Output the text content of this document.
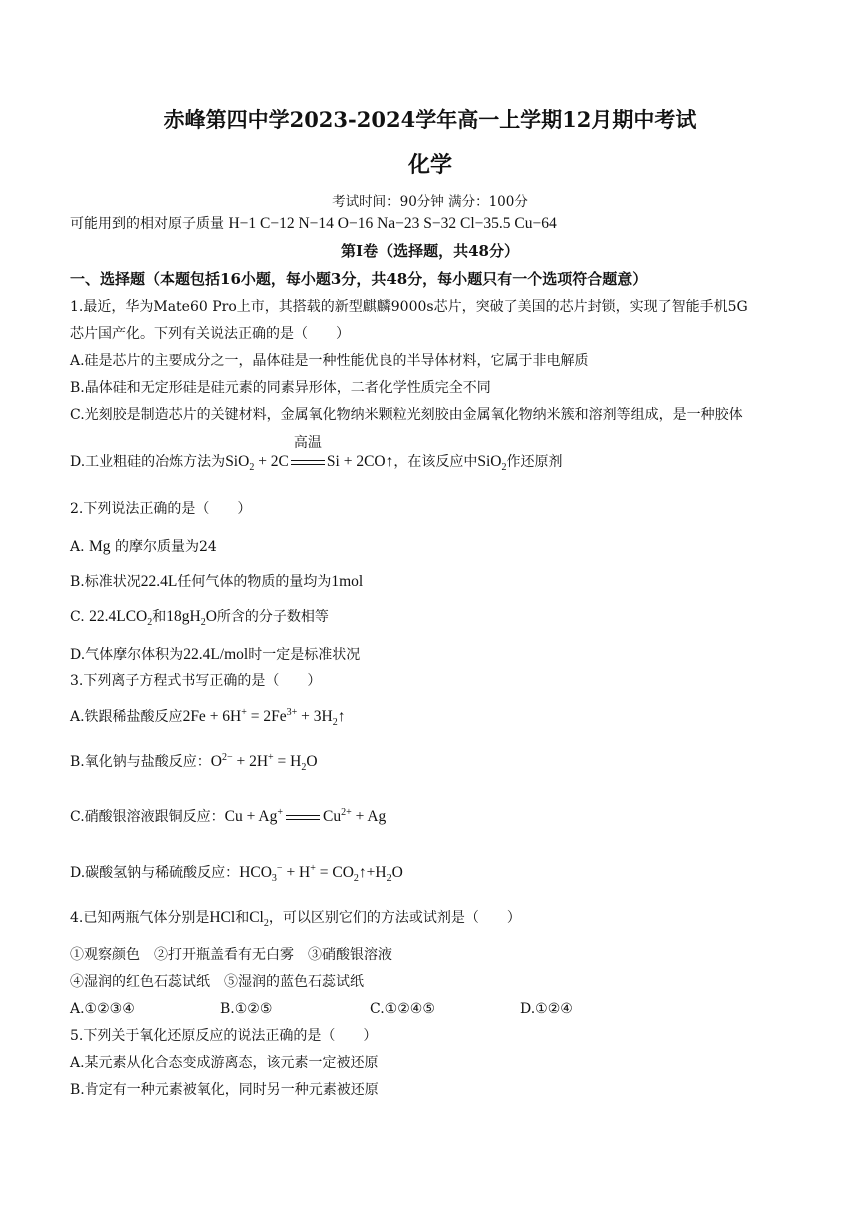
赤峰第四中学2023-2024学年高一上学期12月期中考试
化学
考试时间：90分钟 满分：100分
可能用到的相对原子质量 H−1 C−12 N−14 O−16 Na−23 S−32 Cl−35.5 Cu−64
第Ⅰ卷（选择题，共48分）
一、选择题（本题包括16小题，每小题3分，共48分，每小题只有一个选项符合题意）
1.最近，华为Mate60 Pro上市，其搭载的新型麒麟9000s芯片，突破了美国的芯片封锁，实现了智能手机5G
芯片国产化。下列有关说法正确的是（　　）
A.硅是芯片的主要成分之一，晶体硅是一种性能优良的半导体材料，它属于非电解质
B.晶体硅和无定形硅是硅元素的同素异形体，二者化学性质完全不同
C.光刻胶是制造芯片的关键材料，金属氧化物纳米颗粒光刻胶由金属氧化物纳米簇和溶剂等组成，是一种胶体
D.工业粗硅的冶炼方法为SiO$_2$ + 2C
高温
Si + 2CO↑，在该反应中SiO$_2$作还原剂
2.下列说法正确的是（　　）
A. Mg 的摩尔质量为24
B.标准状况22.4L任何气体的物质的量均为1mol
C. $22.4LCO_2$和$18gH_2O$所含的分子数相等
D.气体摩尔体积为22.4L/mol时一定是标准状况
3.下列离子方程式书写正确的是（　　）
A.铁跟稀盐酸反应$2Fe + 6H^+ = 2Fe^{3+}$ + $3H_2↑$
B.氧化钠与盐酸反应：$O^{2-} + 2H^+ = H_2O$
C.硝酸银溶液跟铜反应：Cu + Ag+	$Cu^{2+} + Ag$
D.碳酸氢钠与稀硫酸反应：$HCO_3^- + H^+$ = $CO_2↑+H_2O$
4.已知两瓶气体分别是HCl和$Cl_2$，可以区别它们的方法或试剂是（　　）
①观察颜色　②打开瓶盖看有无白雾　③硝酸银溶液
④湿润的红色石蕊试纸　⑤湿润的蓝色石蕊试纸
A.①②③④	B.①②⑤	C.①②④⑤	D.①②④
5.下列关于氧化还原反应的说法正确的是（　　）
A.某元素从化合态变成游离态，该元素一定被还原
B.肯定有一种元素被氧化，同时另一种元素被还原
